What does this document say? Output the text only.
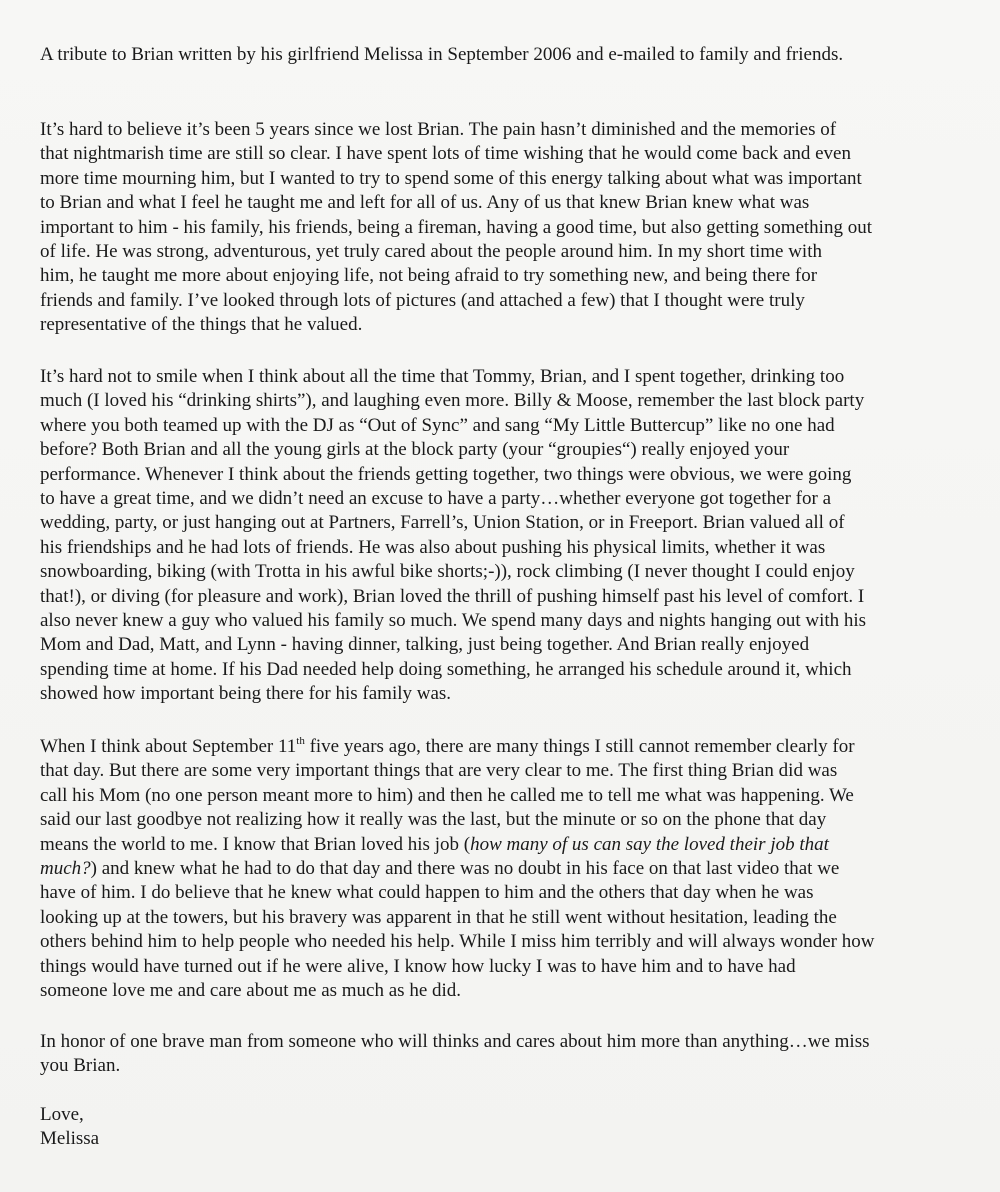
A tribute to Brian written by his girlfriend Melissa in September 2006 and e-mailed to family and friends.
It’s hard to believe it’s been 5 years since we lost Brian. The pain hasn’t diminished and the memories of
that nightmarish time are still so clear. I have spent lots of time wishing that he would come back and even
more time mourning him, but I wanted to try to spend some of this energy talking about what was important
to Brian and what I feel he taught me and left for all of us. Any of us that knew Brian knew what was
important to him - his family, his friends, being a fireman, having a good time, but also getting something out
of life. He was strong, adventurous, yet truly cared about the people around him. In my short time with
him, he taught me more about enjoying life, not being afraid to try something new, and being there for
friends and family. I’ve looked through lots of pictures (and attached a few) that I thought were truly
representative of the things that he valued.
It’s hard not to smile when I think about all the time that Tommy, Brian, and I spent together, drinking too
much (I loved his “drinking shirts”), and laughing even more. Billy & Moose, remember the last block party
where you both teamed up with the DJ as “Out of Sync” and sang “My Little Buttercup” like no one had
before? Both Brian and all the young girls at the block party (your “groupies“) really enjoyed your
performance. Whenever I think about the friends getting together, two things were obvious, we were going
to have a great time, and we didn’t need an excuse to have a party…whether everyone got together for a
wedding, party, or just hanging out at Partners, Farrell’s, Union Station, or in Freeport. Brian valued all of
his friendships and he had lots of friends. He was also about pushing his physical limits, whether it was
snowboarding, biking (with Trotta in his awful bike shorts;-)), rock climbing (I never thought I could enjoy
that!), or diving (for pleasure and work), Brian loved the thrill of pushing himself past his level of comfort. I
also never knew a guy who valued his family so much. We spend many days and nights hanging out with his
Mom and Dad, Matt, and Lynn - having dinner, talking, just being together. And Brian really enjoyed
spending time at home. If his Dad needed help doing something, he arranged his schedule around it, which
showed how important being there for his family was.
When I think about September 11th five years ago, there are many things I still cannot remember clearly for
that day. But there are some very important things that are very clear to me. The first thing Brian did was
call his Mom (no one person meant more to him) and then he called me to tell me what was happening. We
said our last goodbye not realizing how it really was the last, but the minute or so on the phone that day
means the world to me. I know that Brian loved his job (how many of us can say the loved their job that
much?) and knew what he had to do that day and there was no doubt in his face on that last video that we
have of him. I do believe that he knew what could happen to him and the others that day when he was
looking up at the towers, but his bravery was apparent in that he still went without hesitation, leading the
others behind him to help people who needed his help. While I miss him terribly and will always wonder how
things would have turned out if he were alive, I know how lucky I was to have him and to have had
someone love me and care about me as much as he did.
In honor of one brave man from someone who will thinks and cares about him more than anything…we miss
you Brian.
Love,
Melissa
